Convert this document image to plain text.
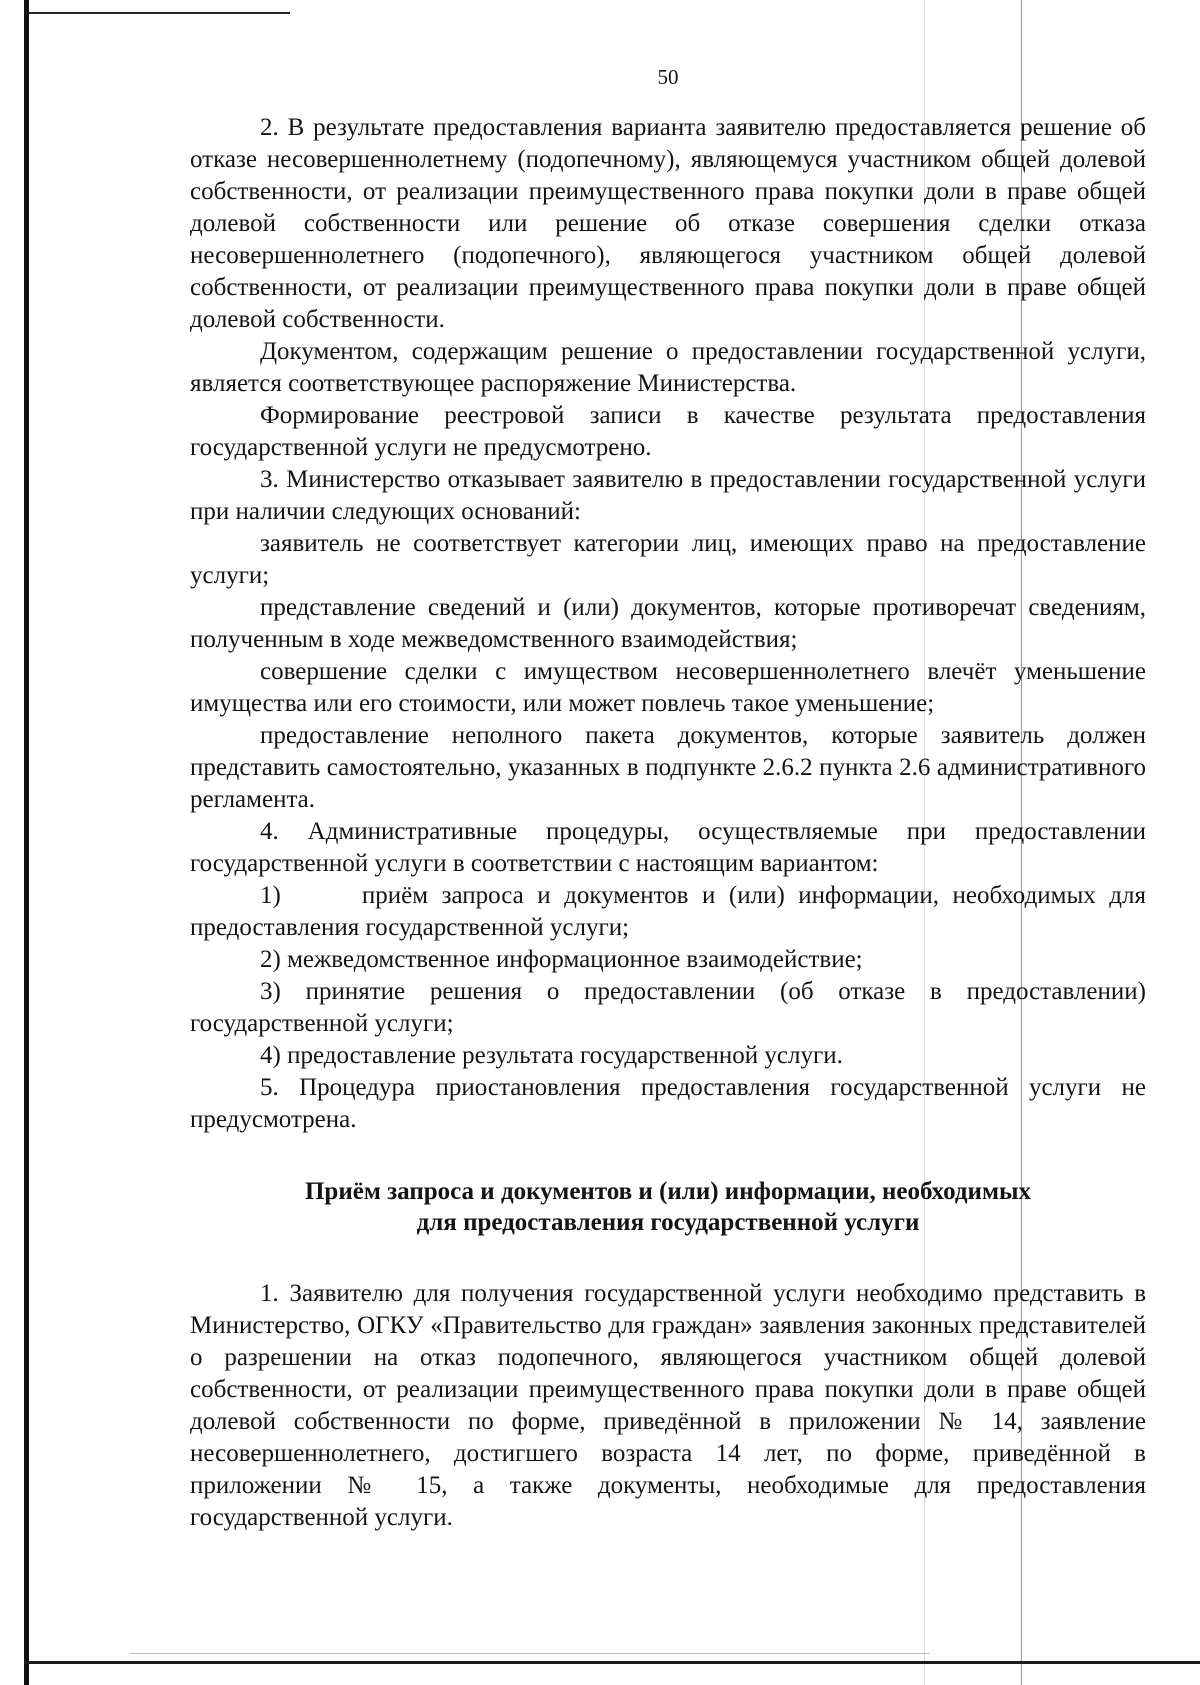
50

2. В результате предоставления варианта заявителю предоставляется решение об отказе несовершеннолетнему (подопечному), являющемуся участником общей долевой собственности, от реализации преимущественного права покупки доли в праве общей долевой собственности или решение об отказе совершения сделки отказа несовершеннолетнего (подопечного), являющегося участником общей долевой собственности, от реализации преимущественного права покупки доли в праве общей долевой собственности.

Документом, содержащим решение о предоставлении государственной услуги, является соответствующее распоряжение Министерства.

Формирование реестровой записи в качестве результата предоставления государственной услуги не предусмотрено.

3. Министерство отказывает заявителю в предоставлении государственной услуги при наличии следующих оснований:

заявитель не соответствует категории лиц, имеющих право на предоставление услуги;

представление сведений и (или) документов, которые противоречат сведениям, полученным в ходе межведомственного взаимодействия;

совершение сделки с имуществом несовершеннолетнего влечёт уменьшение имущества или его стоимости, или может повлечь такое уменьшение;

предоставление неполного пакета документов, которые заявитель должен представить самостоятельно, указанных в подпункте 2.6.2 пункта 2.6 административного регламента.

4. Административные процедуры, осуществляемые при предоставлении государственной услуги в соответствии с настоящим вариантом:

1)      приём запроса и документов и (или) информации, необходимых для предоставления государственной услуги;

2) межведомственное информационное взаимодействие;

3) принятие решения о предоставлении (об отказе в предоставлении) государственной услуги;

4) предоставление результата государственной услуги.

5. Процедура приостановления предоставления государственной услуги не предусмотрена.

Приём запроса и документов и (или) информации, необходимых
для предоставления государственной услуги

1. Заявителю для получения государственной услуги необходимо представить в Министерство, ОГКУ «Правительство для граждан» заявления законных представителей о разрешении на отказ подопечного, являющегося участником общей долевой собственности, от реализации преимущественного права покупки доли в праве общей долевой собственности по форме, приведённой в приложении № 14, заявление несовершеннолетнего, достигшего возраста 14 лет, по форме, приведённой в приложении № 15, а также документы, необходимые для предоставления государственной услуги.
